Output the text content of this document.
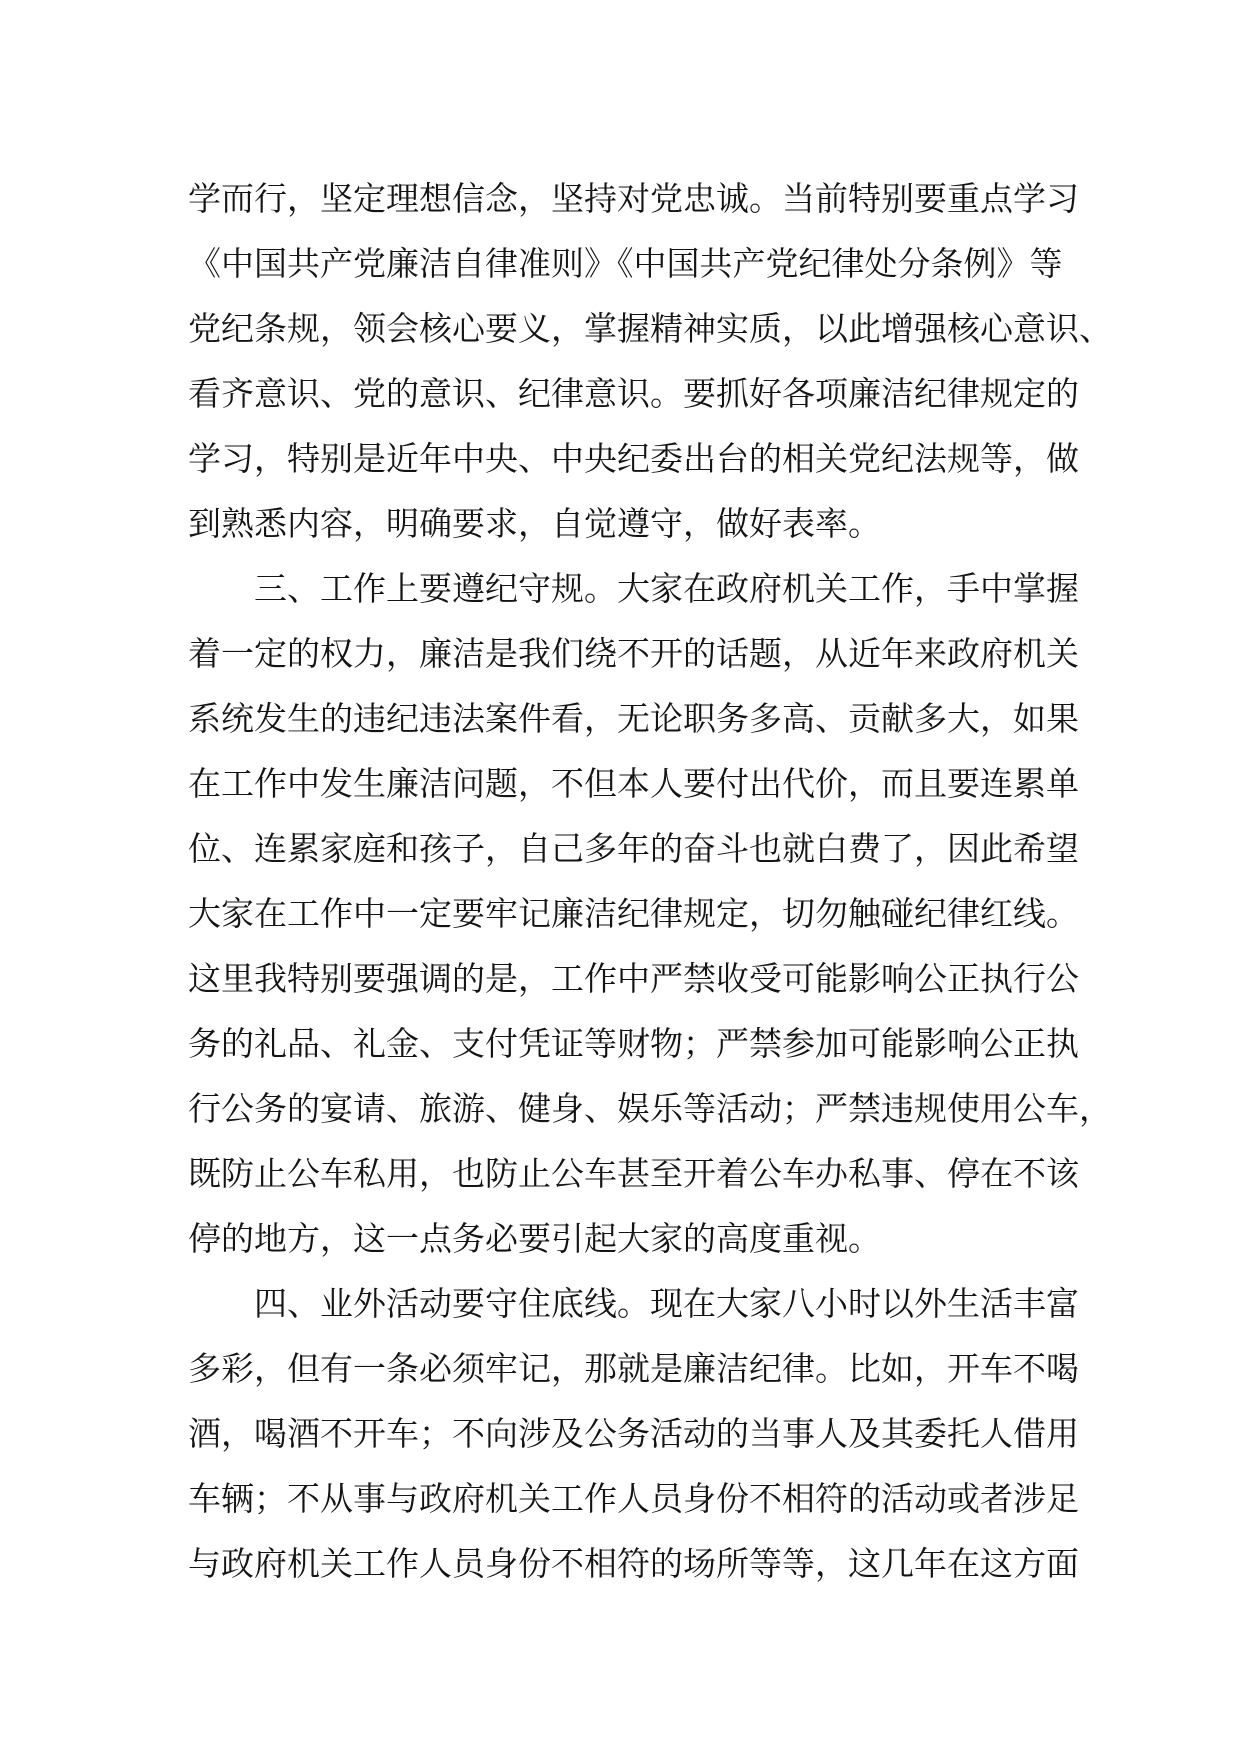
学而行，坚定理想信念，坚持对党忠诚。当前特别要重点学习
《中国共产党廉洁自律准则》《中国共产党纪律处分条例》等
党纪条规，领会核心要义，掌握精神实质，以此增强核心意识、
看齐意识、党的意识、纪律意识。要抓好各项廉洁纪律规定的
学习，特别是近年中央、中央纪委出台的相关党纪法规等，做
到熟悉内容，明确要求，自觉遵守，做好表率。
三、工作上要遵纪守规。大家在政府机关工作，手中掌握
着一定的权力，廉洁是我们绕不开的话题，从近年来政府机关
系统发生的违纪违法案件看，无论职务多高、贡献多大，如果
在工作中发生廉洁问题，不但本人要付出代价，而且要连累单
位、连累家庭和孩子，自己多年的奋斗也就白费了，因此希望
大家在工作中一定要牢记廉洁纪律规定，切勿触碰纪律红线。
这里我特别要强调的是，工作中严禁收受可能影响公正执行公
务的礼品、礼金、支付凭证等财物；严禁参加可能影响公正执
行公务的宴请、旅游、健身、娱乐等活动；严禁违规使用公车，
既防止公车私用，也防止公车甚至开着公车办私事、停在不该
停的地方，这一点务必要引起大家的高度重视。
四、业外活动要守住底线。现在大家八小时以外生活丰富
多彩，但有一条必须牢记，那就是廉洁纪律。比如，开车不喝
酒，喝酒不开车；不向涉及公务活动的当事人及其委托人借用
车辆；不从事与政府机关工作人员身份不相符的活动或者涉足
与政府机关工作人员身份不相符的场所等等，这几年在这方面
